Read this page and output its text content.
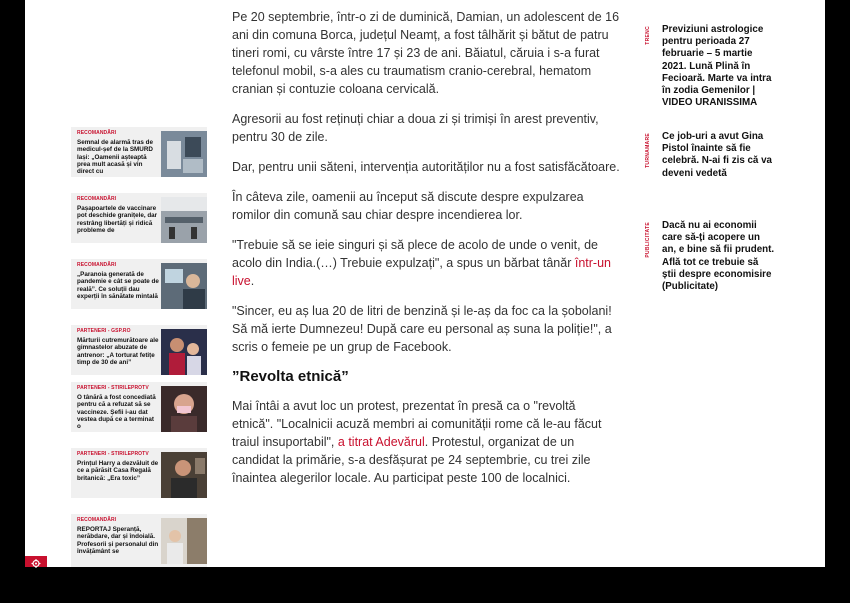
RECOMANDĂRI
Semnal de alarmă tras de medicul-șef de la SMURD Iași: „Oamenii așteaptă prea mult acasă și vin direct cu
RECOMANDĂRI
Pașapoartele de vaccinare pot deschide granițele, dar restrâng libertăți și ridică probleme de
RECOMANDĂRI
„Paranoia generată de pandemie e cât se poate de reală”. Ce soluții dau experții în sănătate mintală
PARTENERI - GSP.RO
Mărturii cutremurătoare ale gimnastelor abuzate de antrenor: „A torturat fetițe timp de 30 de ani”
PARTENERI - STIRILEPROTV
O tânără a fost concediată pentru că a refuzat să se vaccineze. Șefii i-au dat vestea după ce a terminat o
PARTENERI - STIRILEPROTV
Prințul Harry a dezvăluit de ce a părăsit Casa Regală britanică: „Era toxic”
RECOMANDĂRI
REPORTAJ Speranță, nerăbdare, dar și îndoială. Profesorii și personalul din învățământ se

Pe 20 septembrie, într-o zi de duminică, Damian, un adolescent de 16 ani din comuna Borca, județul Neamț, a fost tâlhărit și bătut de patru tineri romi, cu vârste între 17 și 23 de ani. Băiatul, căruia i s-a furat telefonul mobil, s-a ales cu traumatism cranio-cerebral, hematom cranian și contuzie coloana cervicală.

Agresorii au fost reținuți chiar a doua zi și trimiși în arest preventiv, pentru 30 de zile.

Dar, pentru unii săteni, intervenția autorităților nu a fost satisfăcătoare.

În câteva zile, oamenii au început să discute despre expulzarea romilor din comună sau chiar despre incendierea lor.

"Trebuie să se ieie singuri și să plece de acolo de unde o venit, de acolo din India.(…) Trebuie expulzați", a spus un bărbat tânăr într-un live.

"Sincer, eu aș lua 20 de litri de benzină și le-aș da foc ca la șobolani! Să mă ierte Dumnezeu! După care eu personal aș suna la poliție!", a scris o femeie pe un grup de Facebook.

”Revolta etnică”

Mai întâi a avut loc un protest, prezentat în presă ca o "revoltă etnică". "Localnicii acuză membri ai comunității rome că le-au făcut traiul insuportabil", a titrat Adevărul. Protestul, organizat de un candidat la primărie, s-a desfășurat pe 24 septembrie, cu trei zile înaintea alegerilor locale. Au participat peste 100 de localnici.

TRENC Previziuni astrologice pentru perioada 27 februarie – 5 martie 2021. Lună Plină în Fecioară. Marte va intra în zodia Gemenilor | VIDEO URANISSIMA
TURNAMARE Ce job-uri a avut Gina Pistol înainte să fie celebră. N-ai fi zis că va deveni vedetă
PUBLICITATE Dacă nu ai economii care să-ți acopere un an, e bine să fii prudent. Află tot ce trebuie să știi despre economisire (Publicitate)
